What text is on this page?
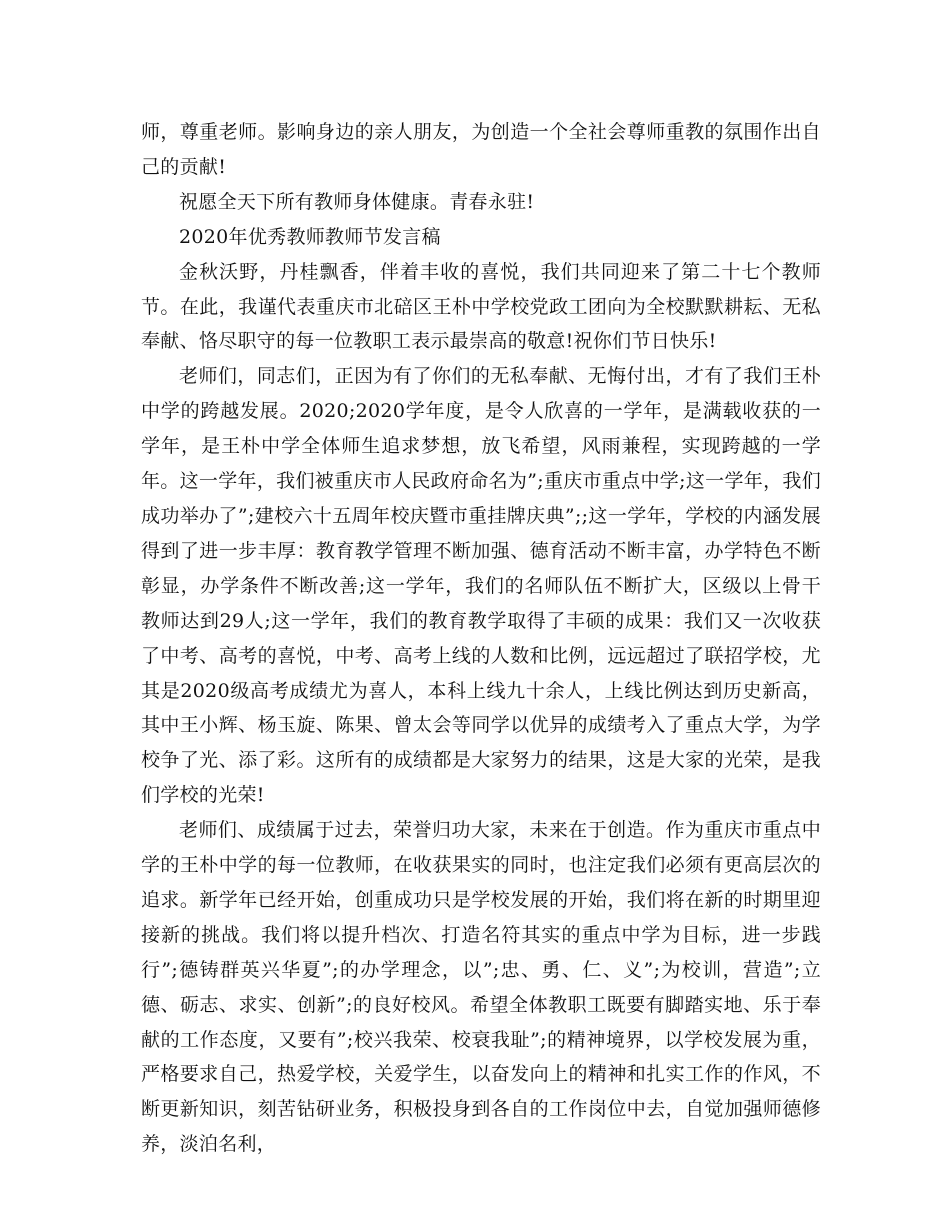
师，尊重老师。影响身边的亲人朋友，为创造一个全社会尊师重教的氛围作出自己的贡献!

祝愿全天下所有教师身体健康。青春永驻!

2020年优秀教师教师节发言稿

金秋沃野，丹桂飘香，伴着丰收的喜悦，我们共同迎来了第二十七个教师节。在此，我谨代表重庆市北碚区王朴中学校党政工团向为全校默默耕耘、无私奉献、恪尽职守的每一位教职工表示最崇高的敬意!祝你们节日快乐!

老师们，同志们，正因为有了你们的无私奉献、无悔付出，才有了我们王朴中学的跨越发展。2020;2020学年度，是令人欣喜的一学年，是满载收获的一学年，是王朴中学全体师生追求梦想，放飞希望，风雨兼程，实现跨越的一学年。这一学年，我们被重庆市人民政府命名为”;重庆市重点中学;这一学年，我们成功举办了”;建校六十五周年校庆暨市重挂牌庆典”;;这一学年，学校的内涵发展得到了进一步丰厚：教育教学管理不断加强、德育活动不断丰富，办学特色不断彰显，办学条件不断改善;这一学年，我们的名师队伍不断扩大，区级以上骨干教师达到29人;这一学年，我们的教育教学取得了丰硕的成果：我们又一次收获了中考、高考的喜悦，中考、高考上线的人数和比例，远远超过了联招学校，尤其是2020级高考成绩尤为喜人，本科上线九十余人，上线比例达到历史新高，其中王小辉、杨玉旋、陈果、曾太会等同学以优异的成绩考入了重点大学，为学校争了光、添了彩。这所有的成绩都是大家努力的结果，这是大家的光荣，是我们学校的光荣!

老师们、成绩属于过去，荣誉归功大家，未来在于创造。作为重庆市重点中学的王朴中学的每一位教师，在收获果实的同时，也注定我们必须有更高层次的追求。新学年已经开始，创重成功只是学校发展的开始，我们将在新的时期里迎接新的挑战。我们将以提升档次、打造名符其实的重点中学为目标，进一步践行”;德铸群英兴华夏”;的办学理念，以”;忠、勇、仁、义”;为校训，营造”;立德、砺志、求实、创新”;的良好校风。希望全体教职工既要有脚踏实地、乐于奉献的工作态度，又要有”;校兴我荣、校衰我耻”;的精神境界，以学校发展为重，严格要求自己，热爱学校，关爱学生，以奋发向上的精神和扎实工作的作风，不断更新知识，刻苦钻研业务，积极投身到各自的工作岗位中去，自觉加强师德修养，淡泊名利，
